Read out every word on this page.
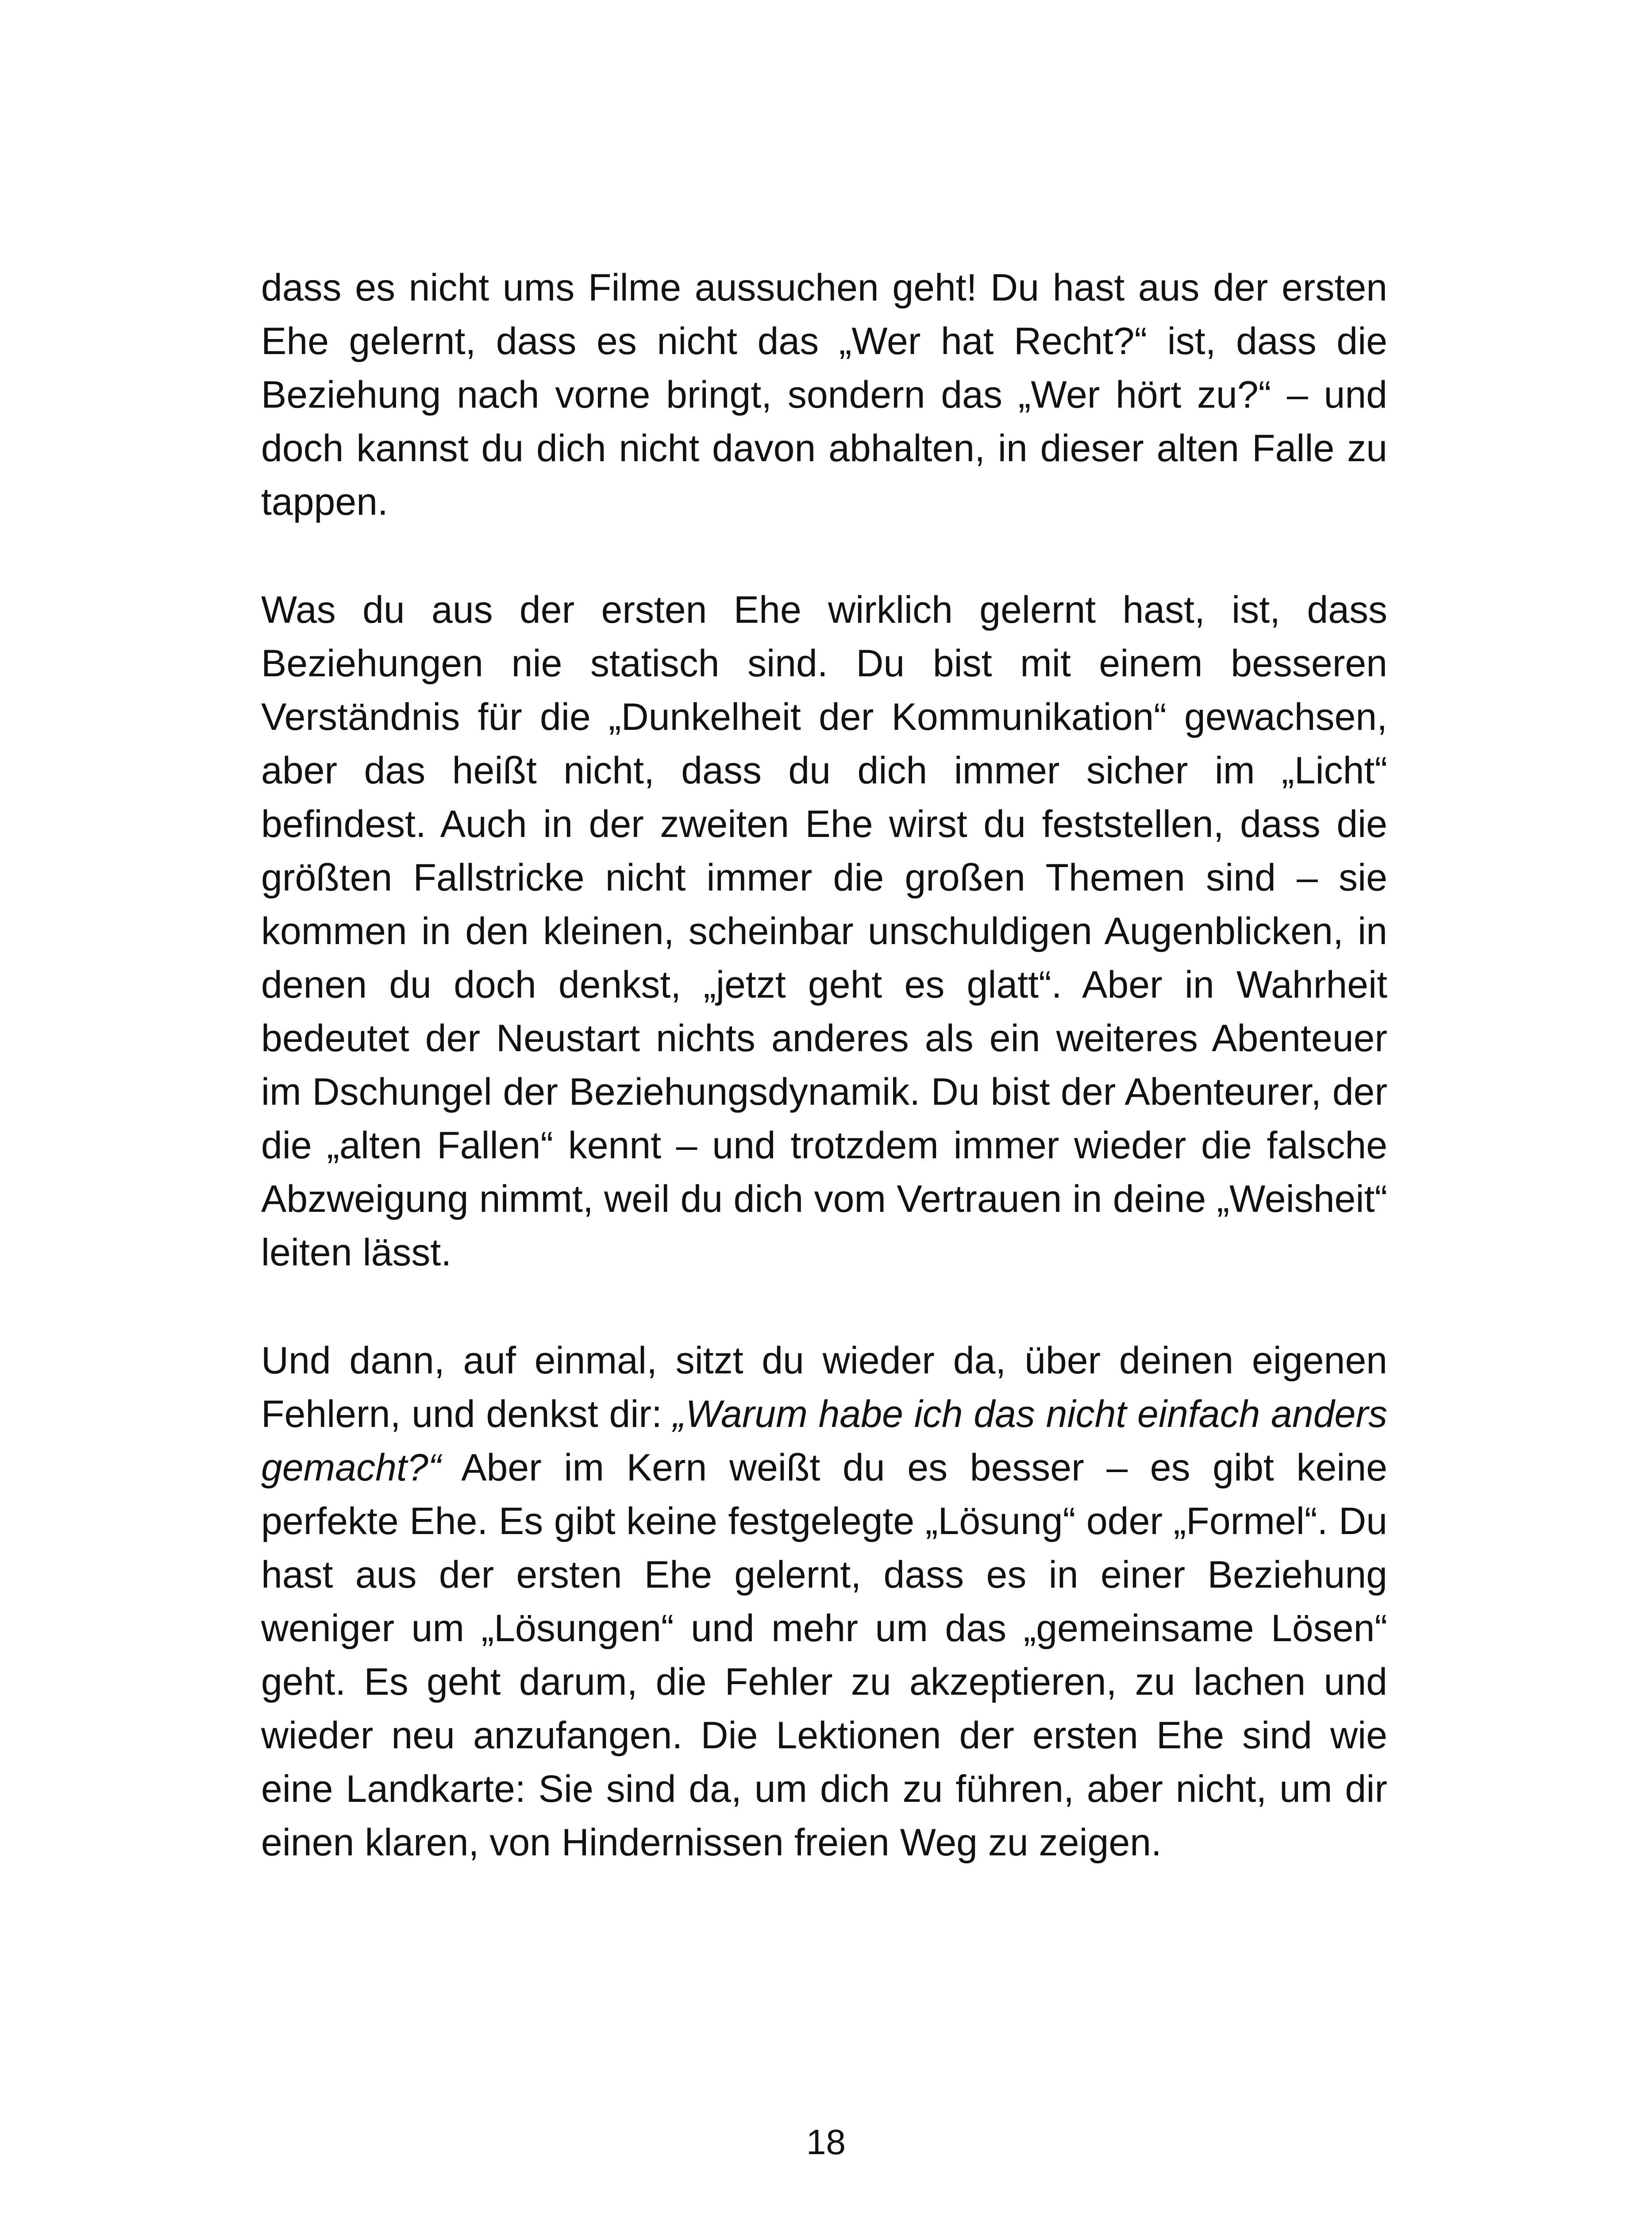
dass es nicht ums Filme aussuchen geht! Du hast aus der ersten Ehe gelernt, dass es nicht das „Wer hat Recht?“ ist, dass die Beziehung nach vorne bringt, sondern das „Wer hört zu?“ – und doch kannst du dich nicht davon abhalten, in dieser alten Falle zu tappen.

Was du aus der ersten Ehe wirklich gelernt hast, ist, dass Beziehungen nie statisch sind. Du bist mit einem besseren Verständnis für die „Dunkelheit der Kommunikation“ gewachsen, aber das heißt nicht, dass du dich immer sicher im „Licht“ befindest. Auch in der zweiten Ehe wirst du feststellen, dass die größten Fallstricke nicht immer die großen Themen sind – sie kommen in den kleinen, scheinbar unschuldigen Augenblicken, in denen du doch denkst, „jetzt geht es glatt“. Aber in Wahrheit bedeutet der Neustart nichts anderes als ein weiteres Abenteuer im Dschungel der Beziehungsdynamik. Du bist der Abenteurer, der die „alten Fallen“ kennt – und trotzdem immer wieder die falsche Abzweigung nimmt, weil du dich vom Vertrauen in deine „Weisheit“ leiten lässt.

Und dann, auf einmal, sitzt du wieder da, über deinen eigenen Fehlern, und denkst dir: „Warum habe ich das nicht einfach anders gemacht?“ Aber im Kern weißt du es besser – es gibt keine perfekte Ehe. Es gibt keine festgelegte „Lösung“ oder „Formel“. Du hast aus der ersten Ehe gelernt, dass es in einer Beziehung weniger um „Lösungen“ und mehr um das „gemeinsame Lösen“ geht. Es geht darum, die Fehler zu akzeptieren, zu lachen und wieder neu anzufangen. Die Lektionen der ersten Ehe sind wie eine Landkarte: Sie sind da, um dich zu führen, aber nicht, um dir einen klaren, von Hindernissen freien Weg zu zeigen.

18
